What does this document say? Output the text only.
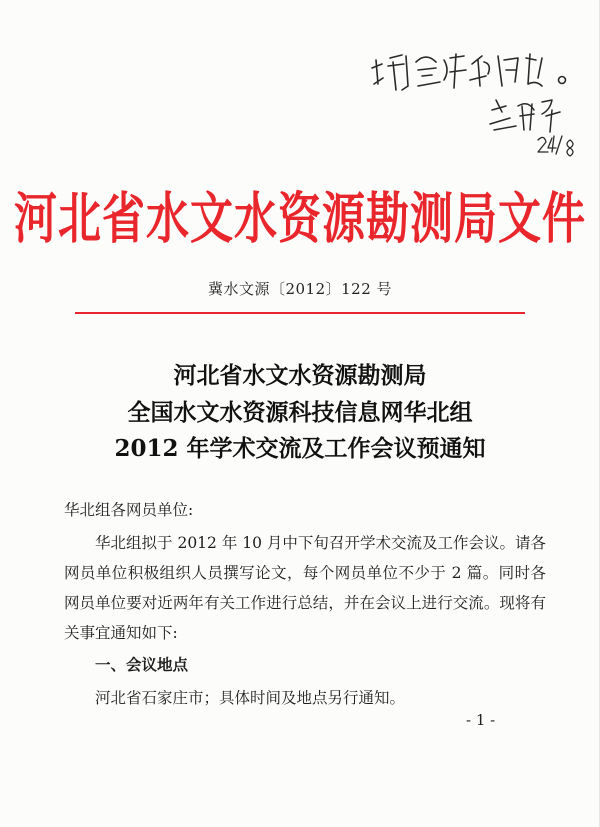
河北省水文水资源勘测局文件
冀水文源〔2012〕122 号
河北省水文水资源勘测局
全国水文水资源科技信息网华北组
2012 年学术交流及工作会议预通知
华北组各网员单位:

华北组拟于 2012 年 10 月中下旬召开学术交流及工作会议。请各网员单位积极组织人员撰写论文，每个网员单位不少于 2 篇。同时各网员单位要对近两年有关工作进行总结，并在会议上进行交流。现将有关事宜通知如下:

一、会议地点
河北省石家庄市；具体时间及地点另行通知。
- 1 -
